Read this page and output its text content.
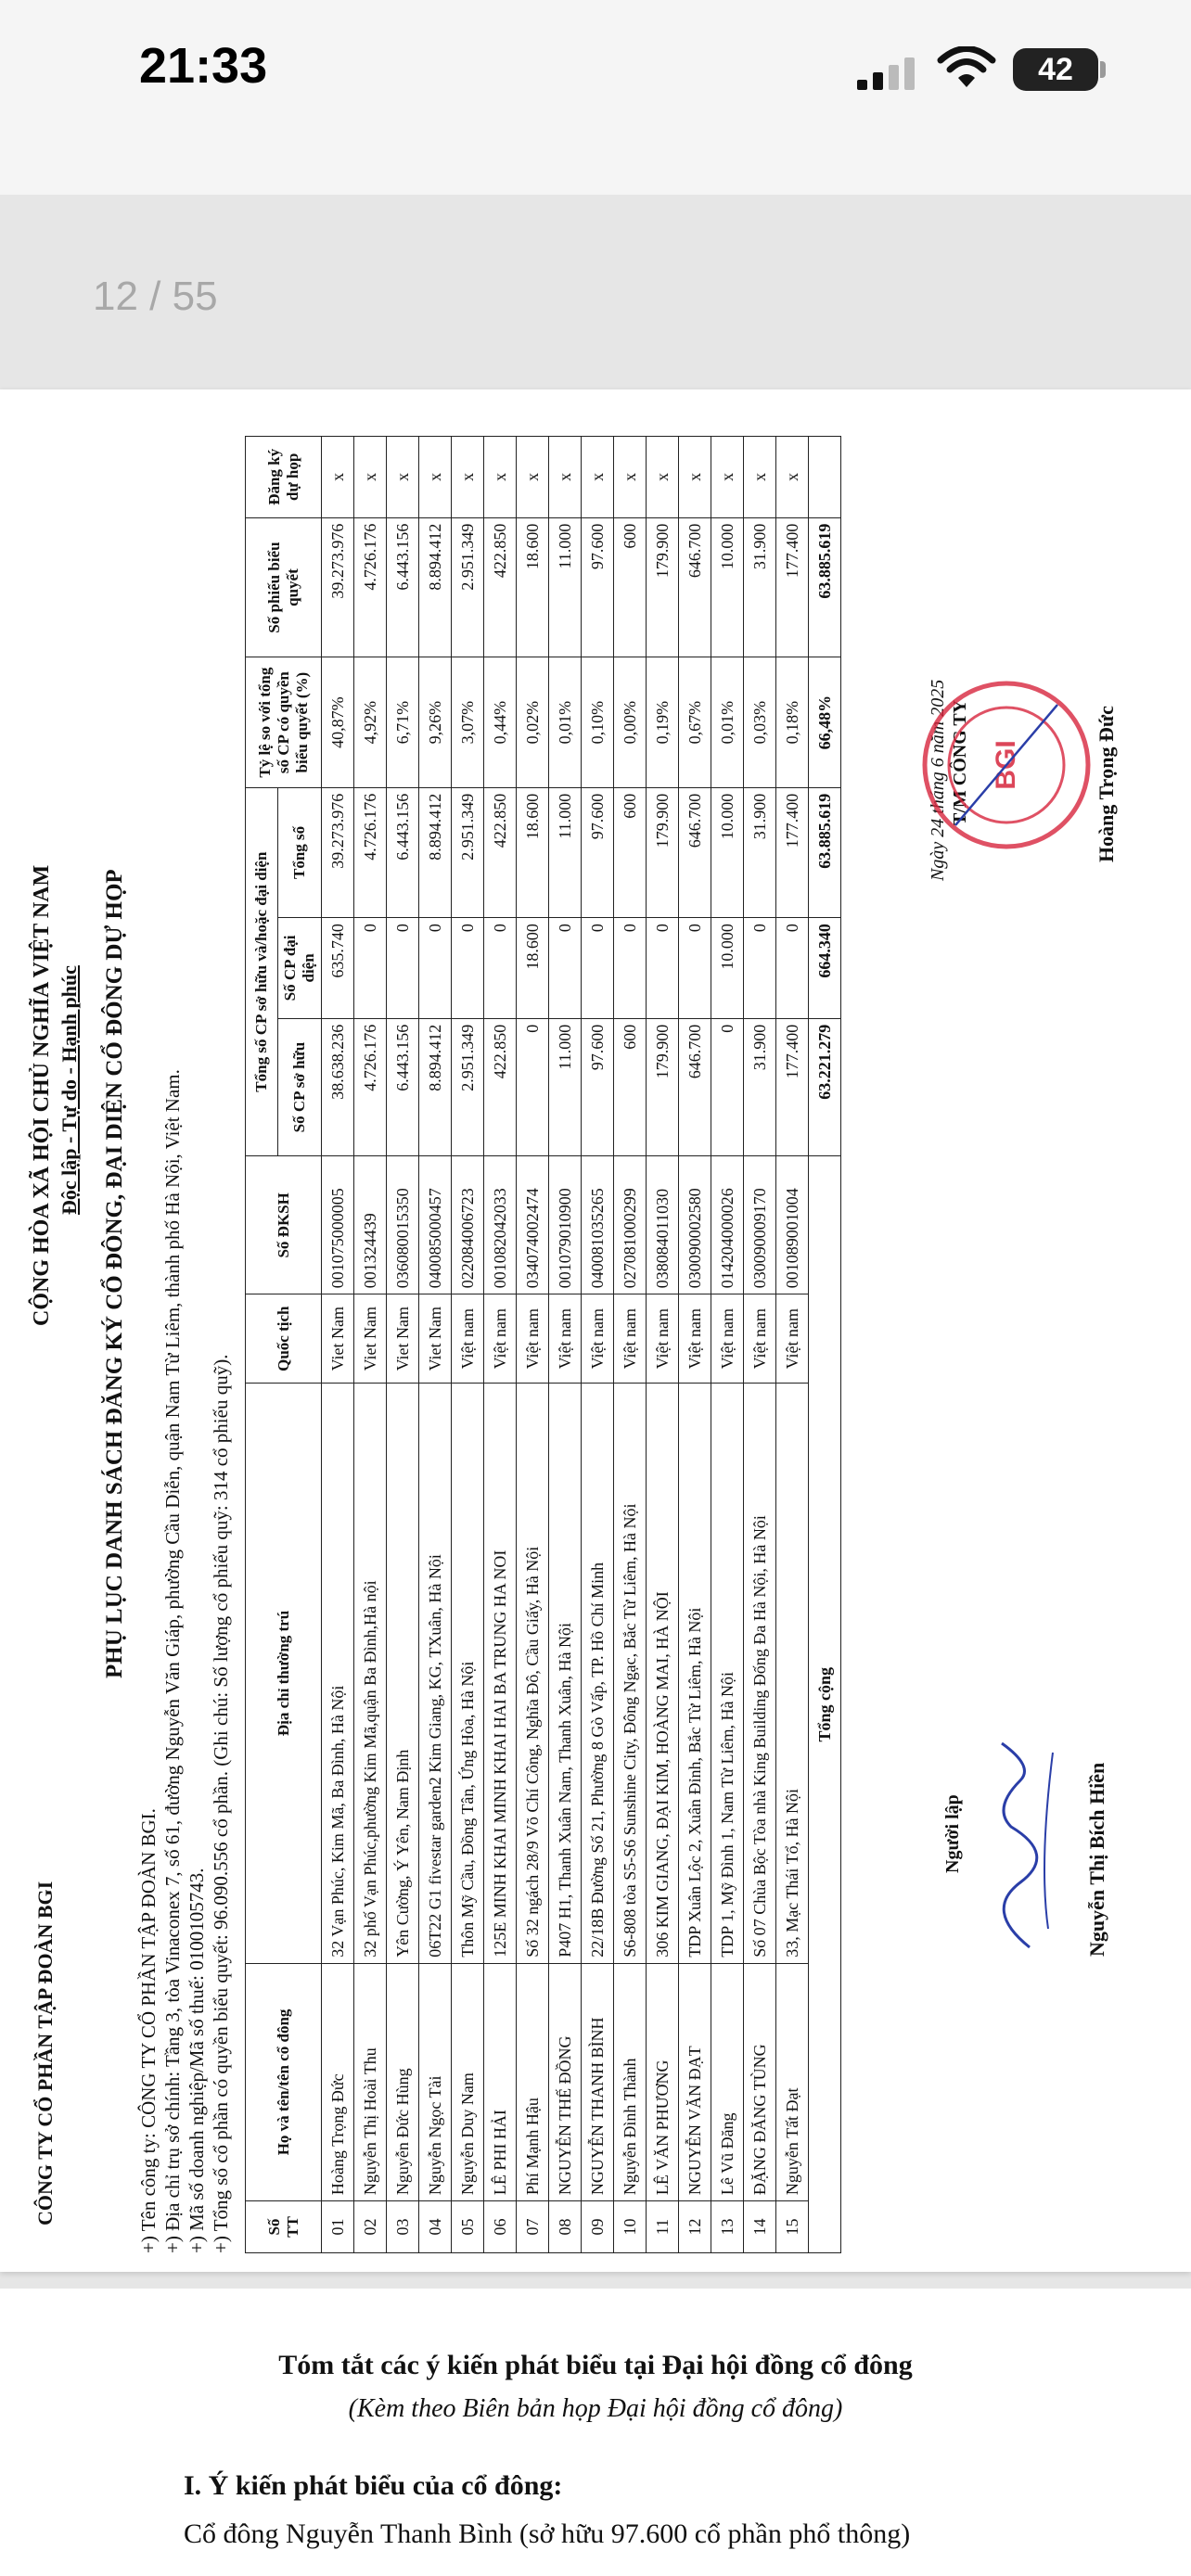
21:33	42
12 / 55
CÔNG TY CỔ PHẦN TẬP ĐOÀN BGI
CỘNG HÒA XÃ HỘI CHỦ NGHĨA VIỆT NAM Độc lập - Tự do - Hạnh phúc PHỤ LỤC DANH SÁCH ĐĂNG KÝ CỔ ĐÔNG, ĐẠI DIỆN CỔ ĐÔNG DỰ HỌP
+) Tên công ty: CÔNG TY CỔ PHẦN TẬP ĐOÀN BGI. +) Địa chỉ trụ sở chính: Tầng 3, tòa Vinaconex 7, số 61, đường Nguyễn Văn Giáp, phường Cầu Diễn, quận Nam Từ Liêm, thành phố Hà Nội, Việt Nam. +) Mã số doanh nghiệp/Mã số thuế: 0100105743. +) Tổng số cổ phần có quyền biểu quyết: 96.090.556 cổ phần. (Ghi chú: Số lượng cổ phiếu quỹ: 314 cổ phiếu quỹ). Số TT	Họ và tên/tên cổ đông	Địa chỉ thường trú	Quốc tịch	Số ĐKSH	Tổng số CP sở hữu và/hoặc đại diện			Tỷ lệ so với tổng số CP có quyền biểu quyết (%)	Số phiếu biểu quyết	Đăng ký dự họp
					Số CP sở hữu	Số CP đại diện	Tổng số			
01	Hoàng Trọng Đức	32 Vạn Phúc, Kim Mã, Ba Đình, Hà Nội	Viet Nam	001075000005	38.638.236	635.740	39.273.976	40,87%	39.273.976	x
02	Nguyễn Thị Hoài Thu	32 phố Vạn Phúc,phường Kim Mã,quận Ba Đình,Hà nội	Viet Nam	001324439	4.726.176	0	4.726.176	4,92%	4.726.176	x
03	Nguyễn Đức Hùng	Yên Cường, Ý Yên, Nam Định	Viet Nam	036080015350	6.443.156	0	6.443.156	6,71%	6.443.156	x
04	Nguyễn Ngọc Tài	06T22 G1 fivestar garden2 Kim Giang, KG, TXuân, Hà Nội	Viet Nam	040085000457	8.894.412	0	8.894.412	9,26%	8.894.412	x
05	Nguyễn Duy Nam	Thôn Mỹ Cầu, Đồng Tân, Ứng Hòa, Hà Nội	Việt nam	022084006723	2.951.349	0	2.951.349	3,07%	2.951.349	x
06	LÊ PHI HẢI	125E MINH KHAI MINH KHAI HAI BA TRUNG HA NOI	Việt nam	001082042033	422.850	0	422.850	0,44%	422.850	x
07	Phí Mạnh Hậu	Số 32 ngách 28/9 Võ Chí Công, Nghĩa Đô, Cầu Giấy, Hà Nội	Việt nam	034074002474	0	18.600	18.600	0,02%	18.600	x
08	NGUYỄN THẾ ĐỒNG	P407 H1, Thanh Xuân Nam, Thanh Xuân, Hà Nội	Việt nam	001079010900	11.000	0	11.000	0,01%	11.000	x
09	NGUYỄN THANH BÌNH	22/18B Đường Số 21, Phường 8 Gò Vấp, TP. Hồ Chí Minh	Việt nam	040081035265	97.600	0	97.600	0,10%	97.600	x
10	Nguyễn Đình Thành	S6-808 tòa S5-S6 Sunshine City, Đông Ngạc, Bắc Từ Liêm, Hà Nội	Việt nam	027081000299	600	0	600	0,00%	600	x
11	LÊ VĂN PHƯƠNG	306 KIM GIANG, ĐẠI KIM, HOÀNG MAI, HÀ NỘI	Việt nam	038084011030	179.900	0	179.900	0,19%	179.900	x
12	NGUYỄN VĂN ĐẠT	TDP Xuân Lộc 2, Xuân Đỉnh, Bắc Từ Liêm, Hà Nội	Việt nam	030090002580	646.700	0	646.700	0,67%	646.700	x
13	Lê Vũ Đăng	TDP 1, Mỹ Đình 1, Nam Từ Liêm, Hà Nội	Việt nam	014204000026	0	10.000	10.000	0,01%	10.000	x
14	ĐẶNG ĐĂNG TÙNG	Số 07 Chùa Bộc Tòa nhà King Building Đống Đa Hà Nội, Hà Nội	Việt nam	030090009170	31.900	0	31.900	0,03%	31.900	x
15	Nguyễn Tất Đạt	33, Mạc Thái Tổ, Hà Nội	Việt nam	001089001004	177.400	0	177.400	0,18%	177.400	x
Tổng cộng					63.221.279	664.340	63.885.619	66,48%	63.885.619	
Người lập	Nguyễn Thị Bích Hiền
Ngày 24 tháng 6 năm 2025 T/M CÔNG TY BGI	Hoàng Trọng Đức
Tóm tắt các ý kiến phát biểu tại Đại hội đồng cổ đông
(Kèm theo Biên bản họp Đại hội đồng cổ đông)
I. Ý kiến phát biểu của cổ đông:
Cổ đông Nguyễn Thanh Bình (sở hữu 97.600 cổ phần phổ thông)
